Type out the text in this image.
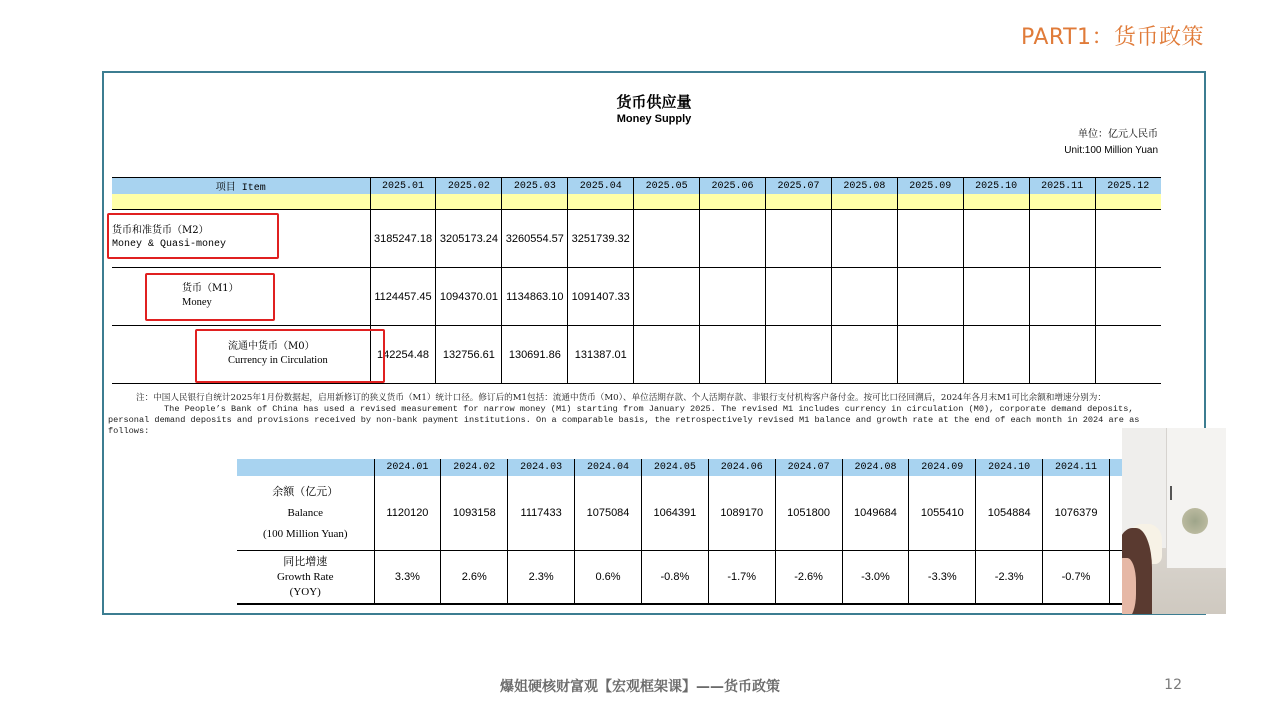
PART1：货币政策
货币供应量
Money Supply
单位：亿元人民币
Unit:100 Million Yuan
项目 Item	2025.01	2025.02	2025.03	2025.04	2025.05	2025.06	2025.07	2025.08	2025.09	2025.10	2025.11	2025.12

货币和准货币（M2）
Money & Quasi-money	3185247.18	3205173.24	3260554.57	3251739.32								

货币（M1）
Money	1124457.45	1094370.01	1134863.10	1091407.33								

流通中货币（M0）
Currency in Circulation	142254.48	132756.61	130691.86	131387.01								
注：中国人民银行自统计2025年1月份数据起，启用新修订的狭义货币（M1）统计口径。修订后的M1包括：流通中货币（M0）、单位活期存款、个人活期存款、非银行支付机构客户备付金。按可比口径回溯后，2024年各月末M1可比余额和增速分别为：
The People’s Bank of China has used a revised measurement for narrow money (M1) starting from January 2025. The revised M1 includes currency in circulation (M0), corporate demand deposits, personal demand deposits and provisions received by non-bank payment institutions. On a comparable basis, the retrospectively revised M1 balance and growth rate at the end of each month in 2024 are as follows:
	2024.01	2024.02	2024.03	2024.04	2024.05	2024.06	2024.07	2024.08	2024.09	2024.10	2024.11	

余额（亿元）
Balance
(100 Million Yuan)	1120120	1093158	1117433	1075084	1064391	1089170	1051800	1049684	1055410	1054884	1076379	

同比增速
Growth Rate
(YOY)	3.3%	2.6%	2.3%	0.6%	-0.8%	-1.7%	-2.6%	-3.0%	-3.3%	-2.3%	-0.7%	
爆姐硬核财富观【宏观框架课】——货币政策	12
